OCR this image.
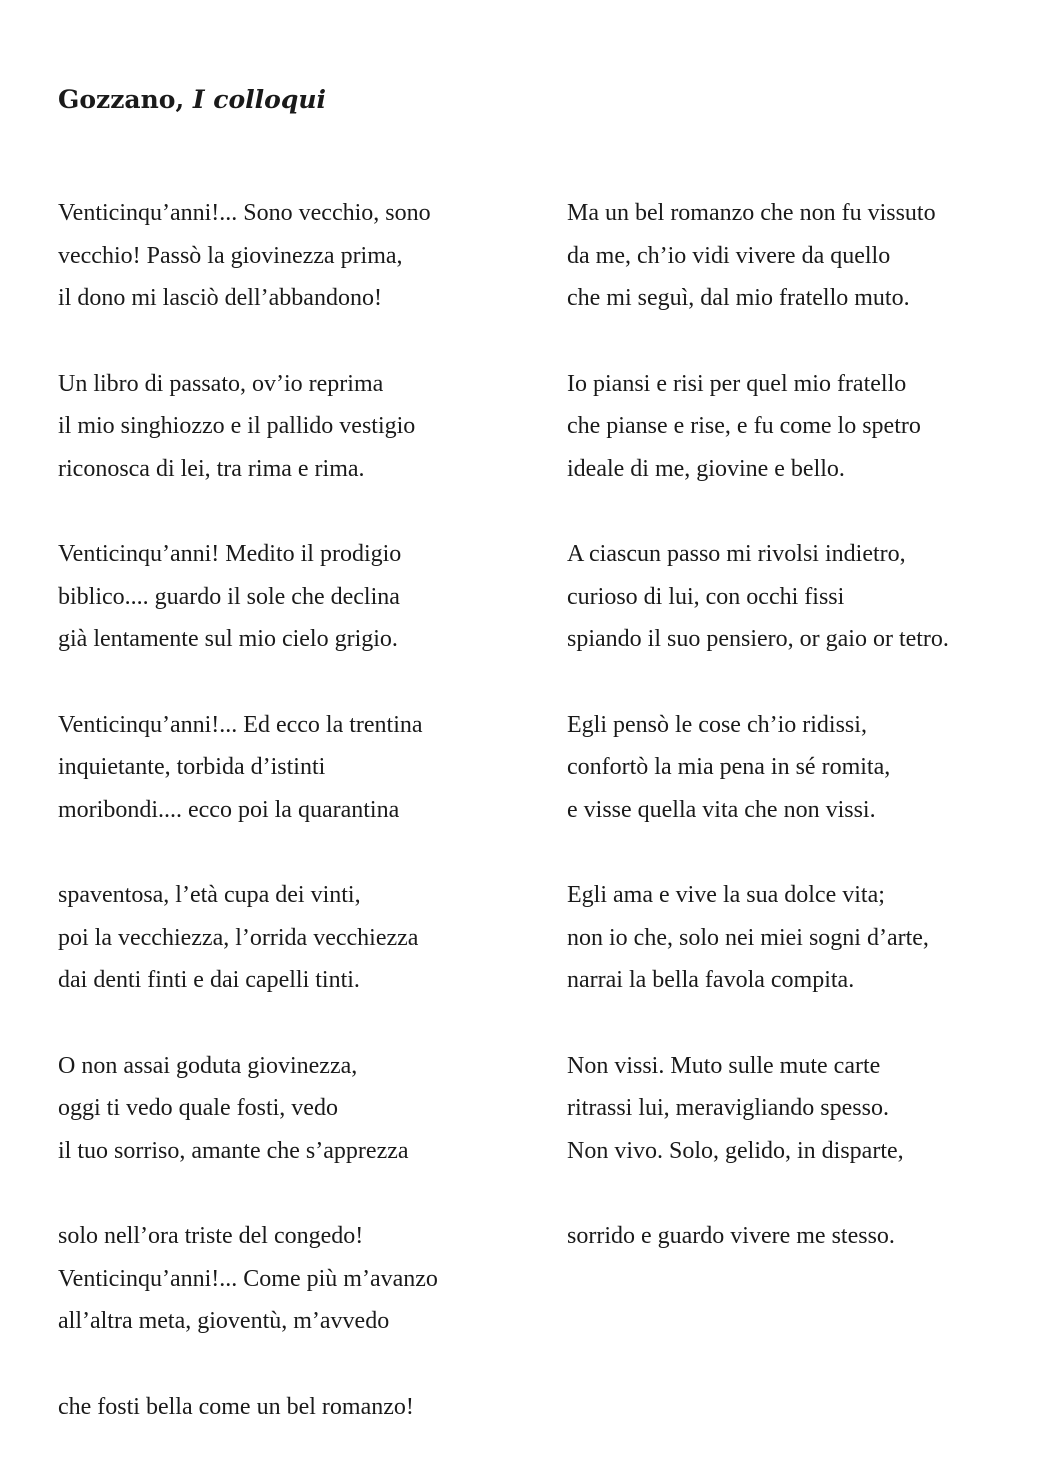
Gozzano, I colloqui
Venticinqu’anni!... Sono vecchio, sono
vecchio! Passò la giovinezza prima,
il dono mi lasciò dell’abbandono!
Un libro di passato, ov’io reprima
il mio singhiozzo e il pallido vestigio
riconosca di lei, tra rima e rima.
Venticinqu’anni! Medito il prodigio
biblico.... guardo il sole che declina
già lentamente sul mio cielo grigio.
Venticinqu’anni!... Ed ecco la trentina
inquietante, torbida d’istinti
moribondi.... ecco poi la quarantina
spaventosa, l’età cupa dei vinti,
poi la vecchiezza, l’orrida vecchiezza
dai denti finti e dai capelli tinti.
O non assai goduta giovinezza,
oggi ti vedo quale fosti, vedo
il tuo sorriso, amante che s’apprezza
solo nell’ora triste del congedo!
Venticinqu’anni!... Come più m’avanzo
all’altra meta, gioventù, m’avvedo
che fosti bella come un bel romanzo!
Ma un bel romanzo che non fu vissuto
da me, ch’io vidi vivere da quello
che mi seguì, dal mio fratello muto.
Io piansi e risi per quel mio fratello
che pianse e rise, e fu come lo spetro
ideale di me, giovine e bello.
A ciascun passo mi rivolsi indietro,
curioso di lui, con occhi fissi
spiando il suo pensiero, or gaio or tetro.
Egli pensò le cose ch’io ridissi,
confortò la mia pena in sé romita,
e visse quella vita che non vissi.
Egli ama e vive la sua dolce vita;
non io che, solo nei miei sogni d’arte,
narrai la bella favola compita.
Non vissi. Muto sulle mute carte
ritrassi lui, meravigliando spesso.
Non vivo. Solo, gelido, in disparte,
sorrido e guardo vivere me stesso.
